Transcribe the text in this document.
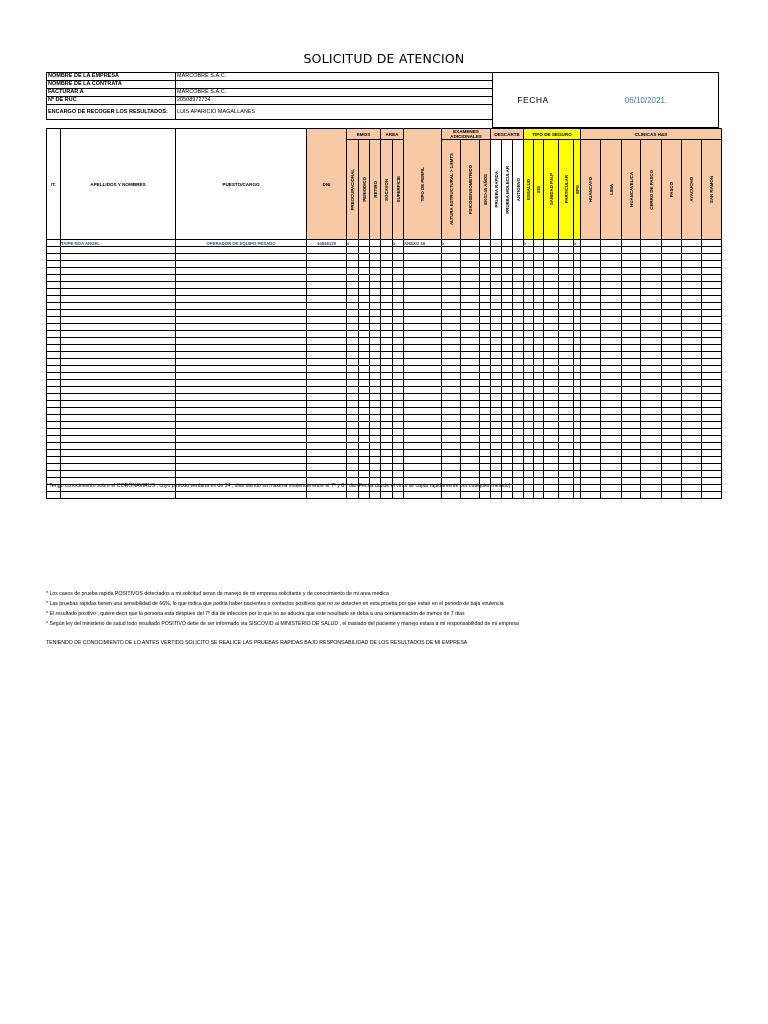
SOLICITUD DE ATENCION
NOMBRE DE LA EMPRESA	MARCOBRE S.A.C.
NOMBRE DE LA CONTRATA	:
FACTURAR A	MARCOBRE S.A.C.
Nº DE RUC	20508972734
ENCARGO DE RECOGER LOS RESULTADOS:	LUIS APARICIO MAGALLANES
FECHA	06/10/2021.
IT.	APELLIDOS Y NOMBRES	PUESTO/CARGO	DNI	EMOS			AREA		TIPO DE PERFIL	EXAMENES ADICIONALES			DESCARTE			TIPO DE SEGURO					CLINICAS H&S						

				PREOCUPACIONAL	PERIODICO	RETIRO	SOCAVON	SUPERFICIE		ALTURA ESTRUCTURAL > 1.8MTS	PSICOSENSOMETRICO	EKG>45 AÑOS	PRUEBA RAPIDA	PRUEBA MOLECULAR	ANTIGENO	ESSALUD	SIS	SANIDAD P.N.P	PARTICULAR	EPS	HUANCAYO	LIMA	HUANCAVELICA	CERRO DE PASCO	PASCO	AYACUCHO	SAN RAMON

	TAIPE NOA ANGEL	OPERADOR DE EQUIPO PESADO	44946125	x				x	ANEXO 16	x						x				x							

* Tengo conocimiento sobre el CORONAVIRUS , cuyo periodo ventana es de 14 , dias siendo su maxima virulencia entre el 7º y 8 º dia (Fecha donde el virus se capta rapidamente por cualquier metodo)
* Los casos de prueba rapida POSITIVOS detectados a mi solicitud seran de manejo de mi empresa solicitante y de conocimiento de mi area medica
* Las pruebas rapidas tienen una sensibilidad de 66%, lo que indica que podria haber pacientes o contactos positivos que no se detecten en esta prueba por que estan en el periodo de baja virulencia
* El resultado positivo , quiere decir que la persona esta despues del 7º dia de infeccion por lo que no se aducira que este resultado se deba a una contaminacion de menos de 7 dias
* Según ley del ministerio de salud todo resultado POSITIVO debe de ser informado via SISCOVID al MINISTERIO DE SALUD , el traslado del paciente y manejo estara a mi responsabilidad de mi empresa
TENIENDO DE CONOCIMIENTO DE LO ANTES VERTIDO SOLICITO SE REALICE LAS PRUEBAS RAPIDAS BAJO RESPONSABILIDAD DE LOS RESULTADOS DE MI EMPRESA
